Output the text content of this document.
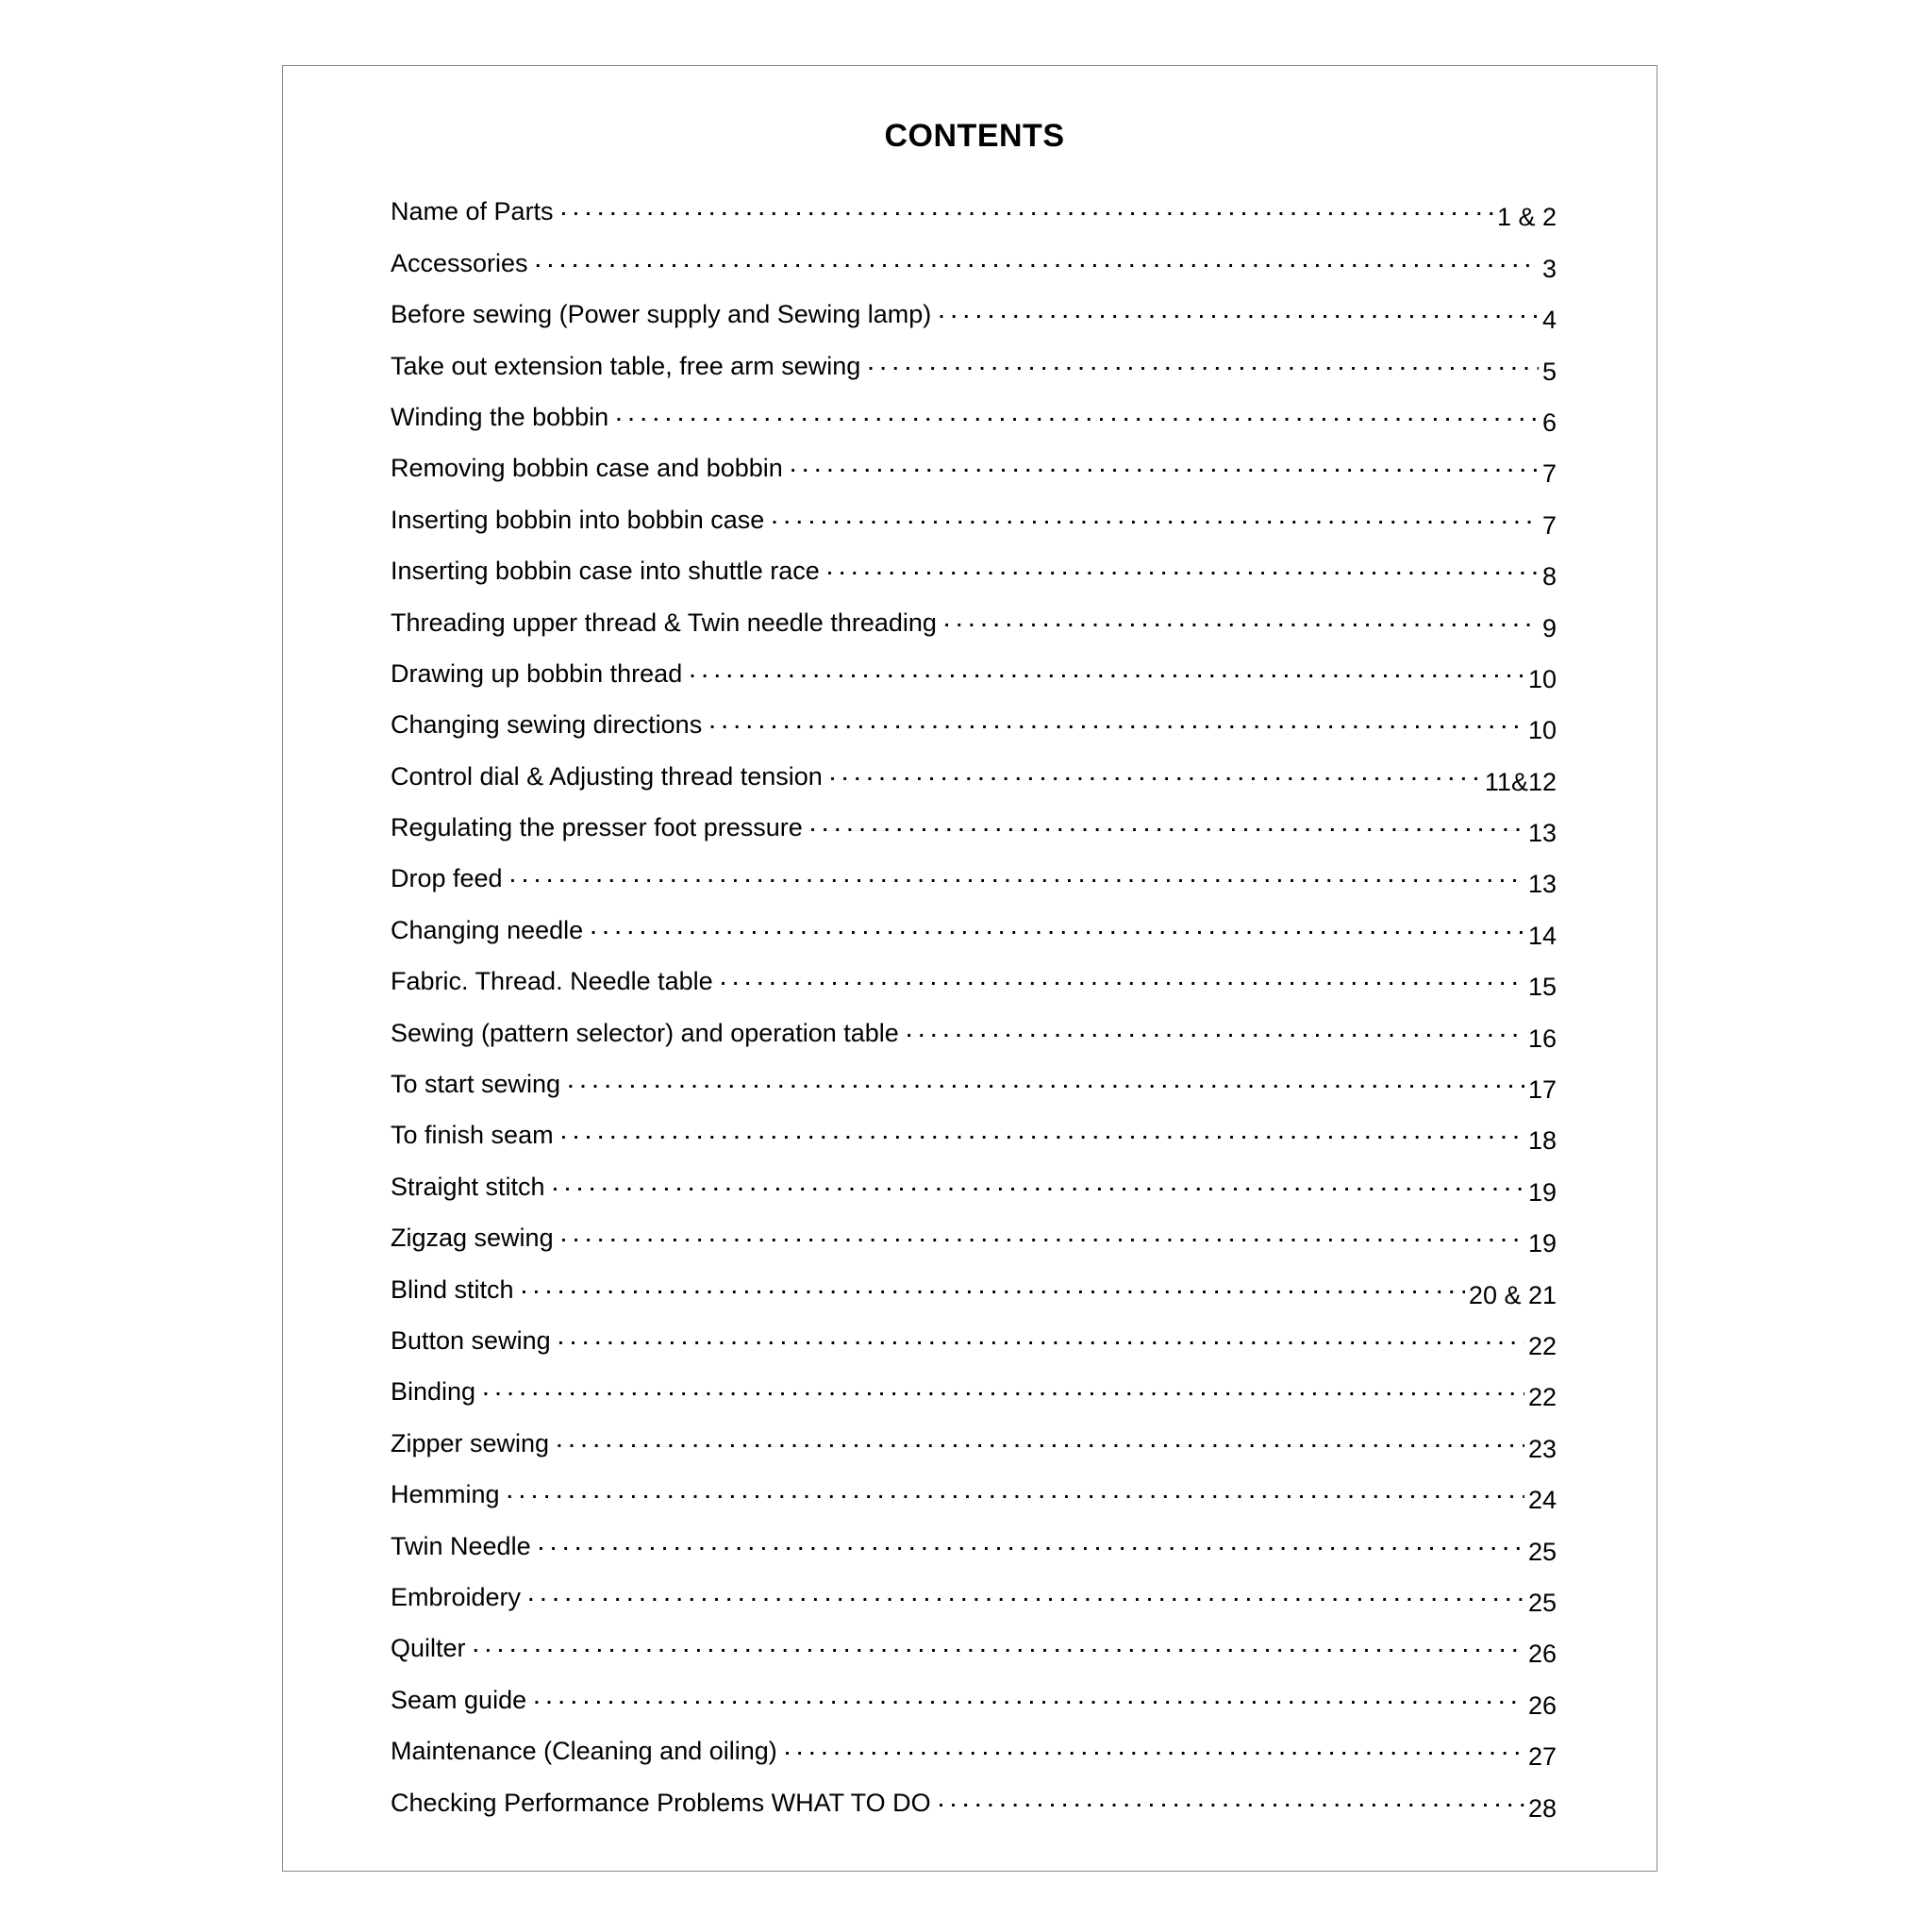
CONTENTS
Name of Parts . . .	1 & 2
Accessories . . .	3
Before sewing (Power supply and Sewing lamp) . . .	4
Take out extension table, free arm sewing . . .	5
Winding the bobbin . . .	6
Removing bobbin case and bobbin . . .	7
Inserting bobbin into bobbin case . . .	7
Inserting bobbin case into shuttle race . . .	8
Threading upper thread & Twin needle threading . . .	9
Drawing up bobbin thread . . .	10
Changing sewing directions . . .	10
Control dial & Adjusting thread tension . . .	11&12
Regulating the presser foot pressure . . .	13
Drop feed . . .	13
Changing needle . . .	14
Fabric. Thread. Needle table . . .	15
Sewing (pattern selector) and operation table . . .	16
To start sewing . . .	17
To finish seam . . .	18
Straight stitch . . .	19
Zigzag sewing . . .	19
Blind stitch . . .	20 & 21
Button sewing . . .	22
Binding . . .	22
Zipper sewing . . .	23
Hemming . . .	24
Twin Needle . . .	25
Embroidery . . .	25
Quilter . . .	26
Seam guide . . .	26
Maintenance (Cleaning and oiling) . . .	27
Checking Performance Problems WHAT TO DO . . .	28
